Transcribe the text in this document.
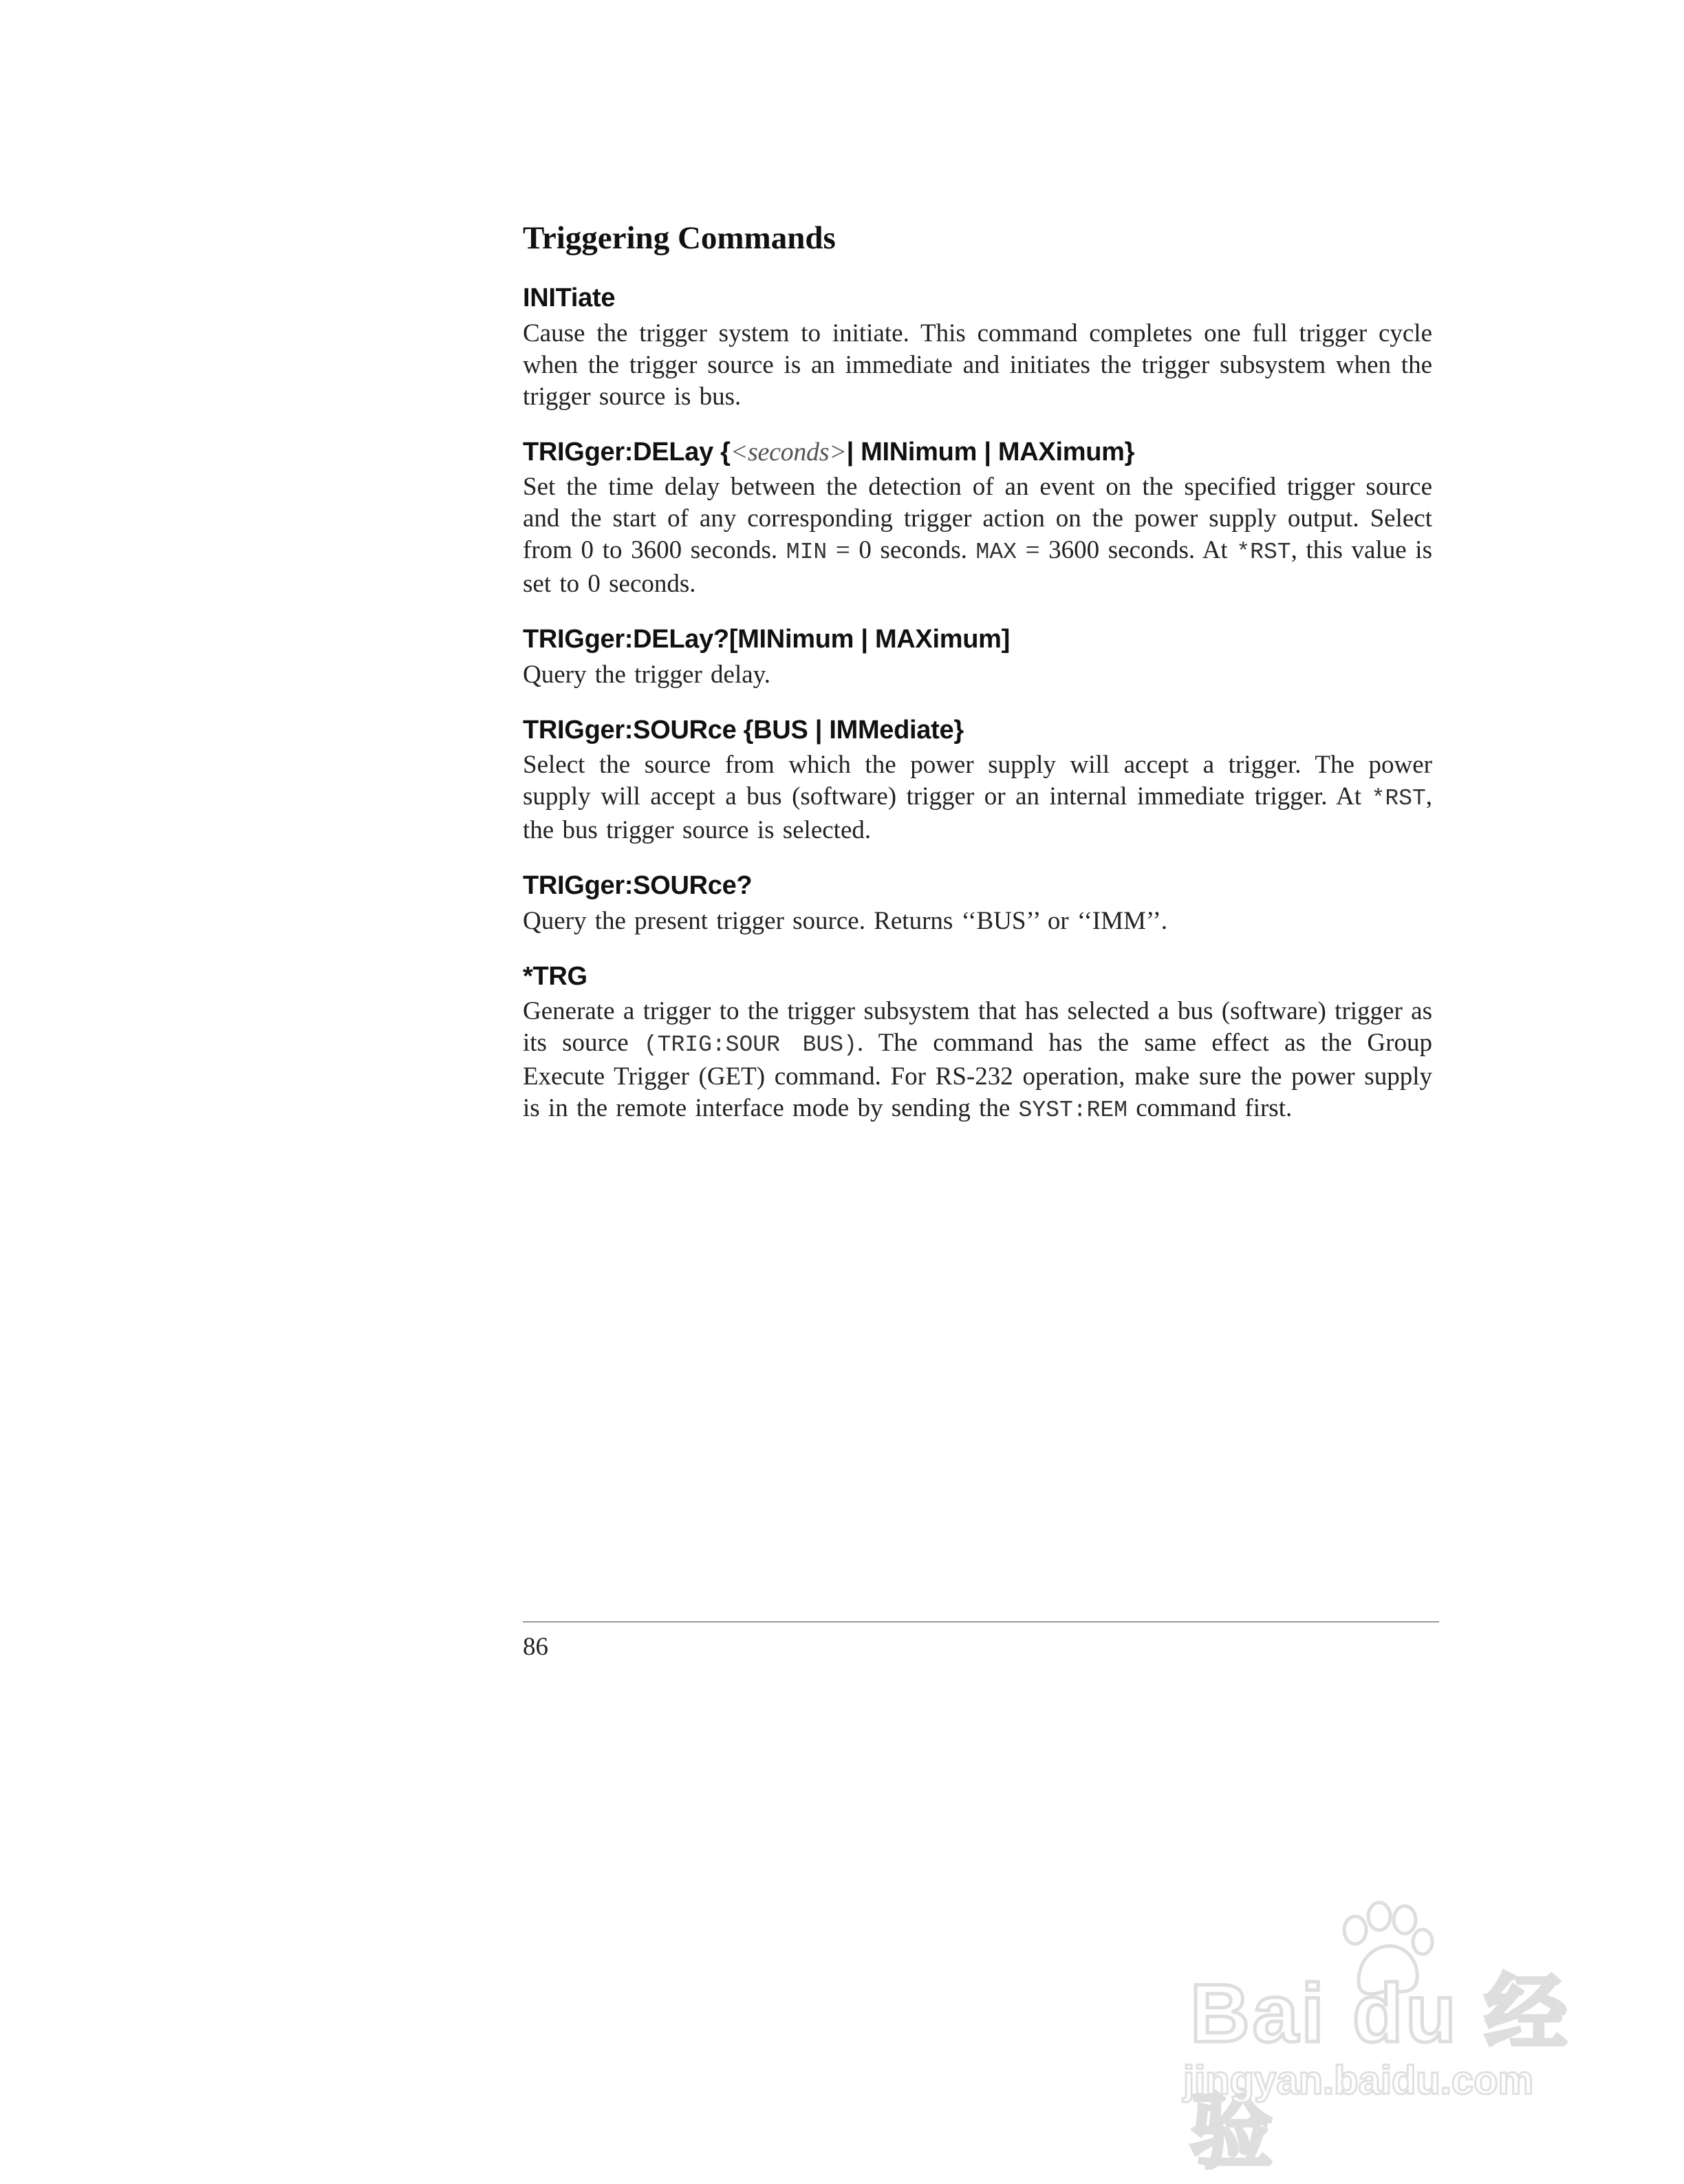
Triggering Commands
INITiate

Cause the trigger system to initiate. This command completes one full trigger cycle when the trigger source is an immediate and initiates the trigger subsystem when the trigger source is bus.

TRIGger:DELay {<seconds>| MINimum | MAXimum}

Set the time delay between the detection of an event on the specified trigger source and the start of any corresponding trigger action on the power supply output. Select from 0 to 3600 seconds. MIN = 0 seconds. MAX = 3600 seconds. At *RST, this value is set to 0 seconds.

TRIGger:DELay?[MINimum | MAXimum]

Query the trigger delay.

TRIGger:SOURce {BUS | IMMediate}

Select the source from which the power supply will accept a trigger. The power supply will accept a bus (software) trigger or an internal immediate trigger. At *RST, the bus trigger source is selected.

TRIGger:SOURce?

Query the present trigger source. Returns ‘‘BUS’’ or ‘‘IMM’’.

*TRG

Generate a trigger to the trigger subsystem that has selected a bus (software) trigger as its source (TRIG:SOUR BUS). The command has the same effect as the Group Execute Trigger (GET) command. For RS-232 operation, make sure the power supply is in the remote interface mode by sending the SYST:REM command first.

86
Bai du 经验
jingyan.baidu.com
